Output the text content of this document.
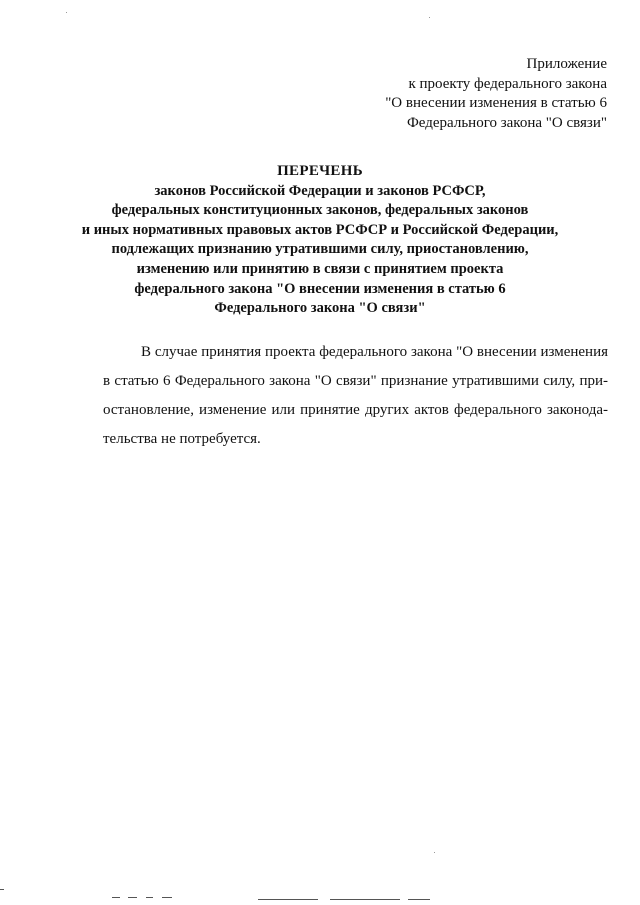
Приложение
к проекту федерального закона
"О внесении изменения в статью 6
Федерального закона "О связи"
ПЕРЕЧЕНЬ
законов Российской Федерации и законов РСФСР,
федеральных конституционных законов, федеральных законов
и иных нормативных правовых актов РСФСР и Российской Федерации,
подлежащих признанию утратившими силу, приостановлению,
изменению или принятию в связи с принятием проекта
федерального закона "О внесении изменения в статью 6
Федерального закона "О связи"
В случае принятия проекта федерального закона "О внесении изменения
в статью 6 Федерального закона "О связи" признание утратившими силу, при-
остановление, изменение или принятие других актов федерального законода-
тельства не потребуется.
